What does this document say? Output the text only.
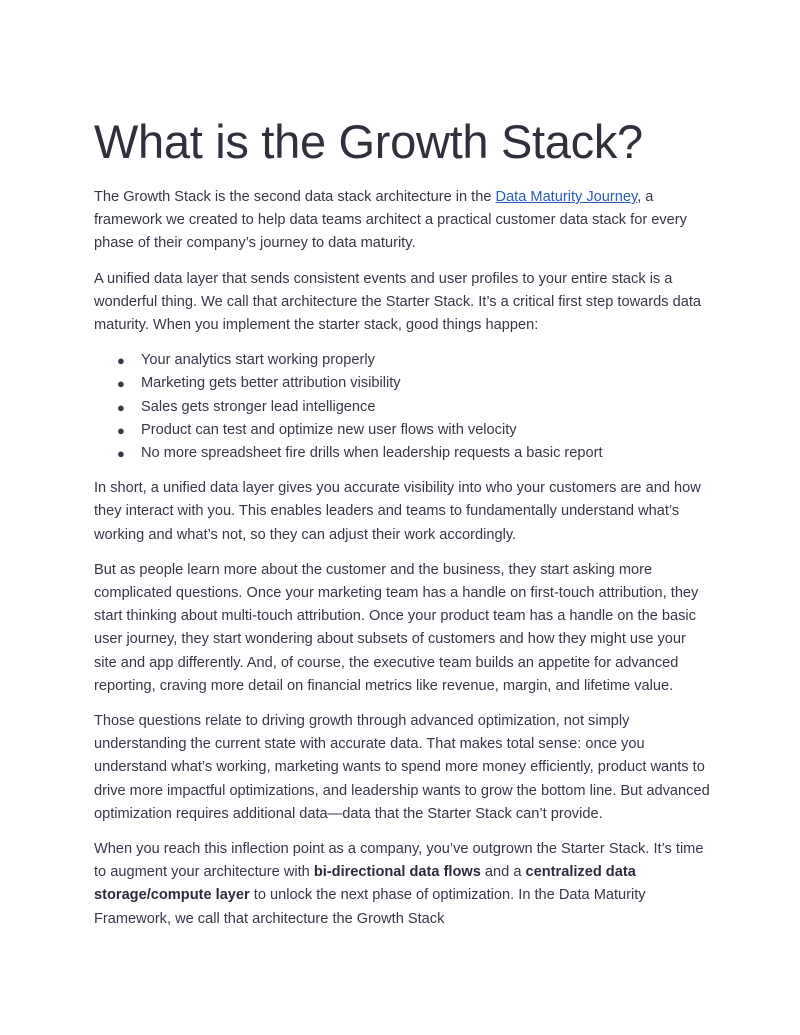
What is the Growth Stack?

The Growth Stack is the second data stack architecture in the Data Maturity Journey, a framework we created to help data teams architect a practical customer data stack for every phase of their company’s journey to data maturity.

A unified data layer that sends consistent events and user profiles to your entire stack is a wonderful thing. We call that architecture the Starter Stack. It’s a critical first step towards data maturity. When you implement the starter stack, good things happen:

● Your analytics start working properly
● Marketing gets better attribution visibility
● Sales gets stronger lead intelligence
● Product can test and optimize new user flows with velocity
● No more spreadsheet fire drills when leadership requests a basic report

In short, a unified data layer gives you accurate visibility into who your customers are and how they interact with you. This enables leaders and teams to fundamentally understand what’s working and what’s not, so they can adjust their work accordingly.

But as people learn more about the customer and the business, they start asking more complicated questions. Once your marketing team has a handle on first-touch attribution, they start thinking about multi-touch attribution. Once your product team has a handle on the basic user journey, they start wondering about subsets of customers and how they might use your site and app differently. And, of course, the executive team builds an appetite for advanced reporting, craving more detail on financial metrics like revenue, margin, and lifetime value.

Those questions relate to driving growth through advanced optimization, not simply understanding the current state with accurate data. That makes total sense: once you understand what’s working, marketing wants to spend more money efficiently, product wants to drive more impactful optimizations, and leadership wants to grow the bottom line. But advanced optimization requires additional data—data that the Starter Stack can’t provide.

When you reach this inflection point as a company, you’ve outgrown the Starter Stack. It’s time to augment your architecture with bi-directional data flows and a centralized data storage/compute layer to unlock the next phase of optimization. In the Data Maturity Framework, we call that architecture the Growth Stack
